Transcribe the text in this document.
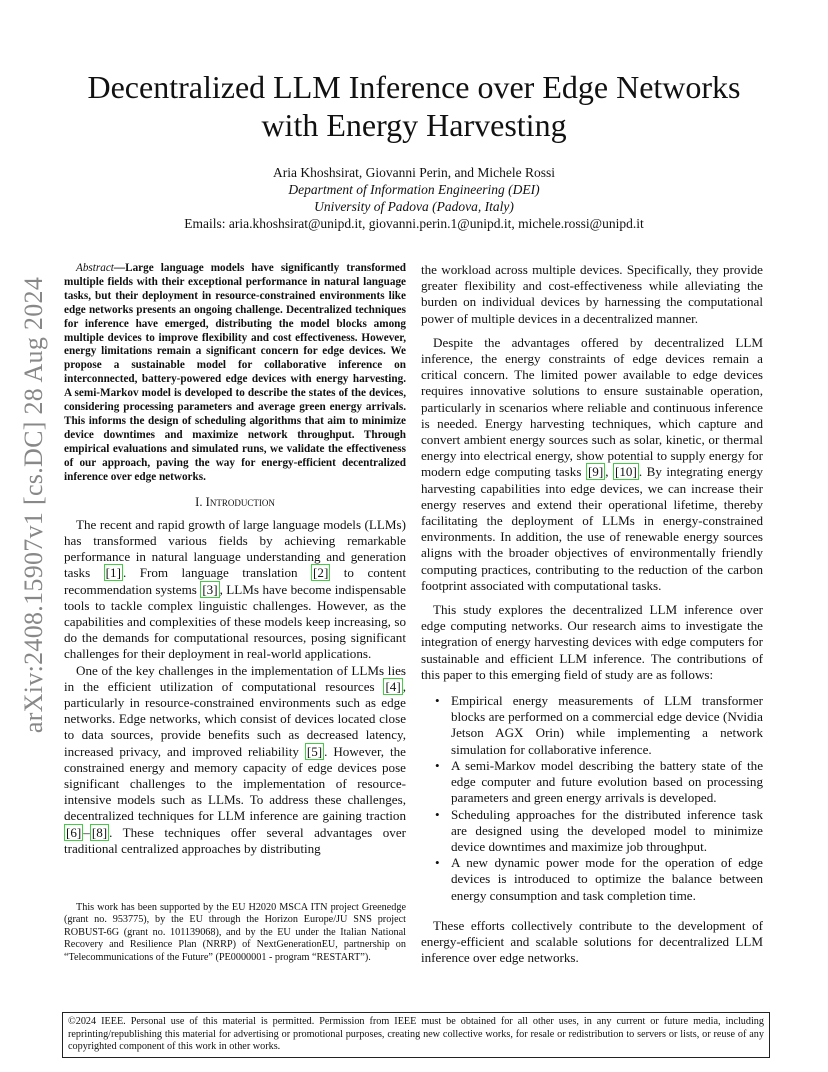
arXiv:2408.15907v1 [cs.DC] 28 Aug 2024
Decentralized LLM Inference over Edge Networks
with Energy Harvesting
Aria Khoshsirat, Giovanni Perin, and Michele Rossi
Department of Information Engineering (DEI)
University of Padova (Padova, Italy)
Emails: aria.khoshsirat@unipd.it, giovanni.perin.1@unipd.it, michele.rossi@unipd.it

Abstract—Large language models have significantly transformed multiple fields with their exceptional performance in natural language tasks, but their deployment in resource-constrained environments like edge networks presents an ongoing challenge. Decentralized techniques for inference have emerged, distributing the model blocks among multiple devices to improve flexibility and cost effectiveness. However, energy limitations remain a significant concern for edge devices. We propose a sustainable model for collaborative inference on interconnected, battery-powered edge devices with energy harvesting. A semi-Markov model is developed to describe the states of the devices, considering processing parameters and average green energy arrivals. This informs the design of scheduling algorithms that aim to minimize device downtimes and maximize network throughput. Through empirical evaluations and simulated runs, we validate the effectiveness of our approach, paving the way for energy-efficient decentralized inference over edge networks.

I. Introduction

The recent and rapid growth of large language models (LLMs) has transformed various fields by achieving remarkable performance in natural language understanding and generation tasks [1] . From language translation [2] to content recommendation systems [3] , LLMs have become indispensable tools to tackle complex linguistic challenges. However, as the capabilities and complexities of these models keep increasing, so do the demands for computational resources, posing significant challenges for their deployment in real-world applications.

One of the key challenges in the implementation of LLMs lies in the efficient utilization of computational resources [4] , particularly in resource-constrained environments such as edge networks. Edge networks, which consist of devices located close to data sources, provide benefits such as decreased latency, increased privacy, and improved reliability [5] . However, the constrained energy and memory capacity of edge devices pose significant challenges to the implementation of resource-intensive models such as LLMs. To address these challenges, decentralized techniques for LLM inference are gaining traction [6] – [8] . These techniques offer several advantages over traditional centralized approaches by distributing

This work has been supported by the EU H2020 MSCA ITN project Greenedge (grant no. 953775), by the EU through the Horizon Europe/JU SNS project ROBUST-6G (grant no. 101139068), and by the EU under the Italian National Recovery and Resilience Plan (NRRP) of NextGenerationEU, partnership on “Telecommunications of the Future” (PE0000001 - program “RESTART”).

the workload across multiple devices. Specifically, they provide greater flexibility and cost-effectiveness while alleviating the burden on individual devices by harnessing the computational power of multiple devices in a decentralized manner.

Despite the advantages offered by decentralized LLM inference, the energy constraints of edge devices remain a critical concern. The limited power available to edge devices requires innovative solutions to ensure sustainable operation, particularly in scenarios where reliable and continuous inference is needed. Energy harvesting techniques, which capture and convert ambient energy sources such as solar, kinetic, or thermal energy into electrical energy, show potential to supply energy for modern edge computing tasks [9] , [10] . By integrating energy harvesting capabilities into edge devices, we can increase their energy reserves and extend their operational lifetime, thereby facilitating the deployment of LLMs in energy-constrained environments. In addition, the use of renewable energy sources aligns with the broader objectives of environmentally friendly computing practices, contributing to the reduction of the carbon footprint associated with computational tasks.

This study explores the decentralized LLM inference over edge computing networks. Our research aims to investigate the integration of energy harvesting devices with edge computers for sustainable and efficient LLM inference. The contributions of this paper to this emerging field of study are as follows:

• Empirical energy measurements of LLM transformer blocks are performed on a commercial edge device (Nvidia Jetson AGX Orin) while implementing a network simulation for collaborative inference.
• A semi-Markov model describing the battery state of the edge computer and future evolution based on processing parameters and green energy arrivals is developed.
• Scheduling approaches for the distributed inference task are designed using the developed model to minimize device downtimes and maximize job throughput.
• A new dynamic power mode for the operation of edge devices is introduced to optimize the balance between energy consumption and task completion time.

These efforts collectively contribute to the development of energy-efficient and scalable solutions for decentralized LLM inference over edge networks.

©2024 IEEE. Personal use of this material is permitted. Permission from IEEE must be obtained for all other uses, in any current or future media, including reprinting/republishing this material for advertising or promotional purposes, creating new collective works, for resale or redistribution to servers or lists, or reuse of any copyrighted component of this work in other works.
